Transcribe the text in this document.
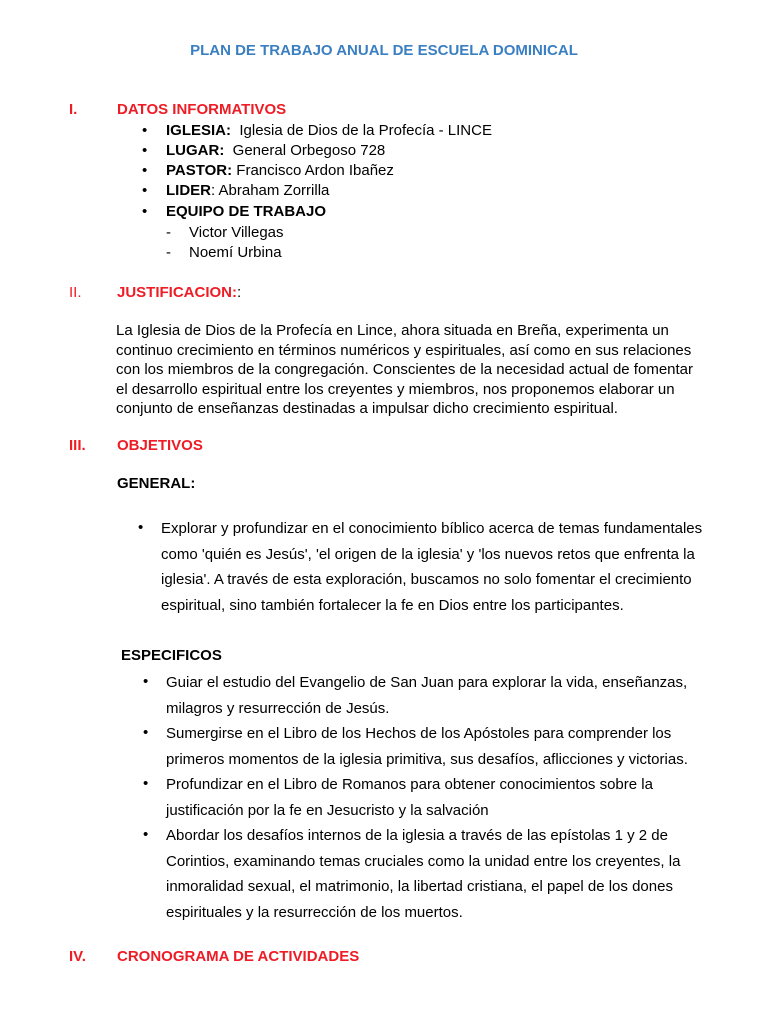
PLAN DE TRABAJO ANUAL DE ESCUELA DOMINICAL
I.	DATOS INFORMATIVOS
• IGLESIA:  Iglesia de Dios de la Profecía - LINCE
• LUGAR:  General Orbegoso 728
• PASTOR: Francisco Ardon Ibañez
• LIDER: Abraham Zorrilla
• EQUIPO DE TRABAJO
- Victor Villegas
- Noemí Urbina
II. JUSTIFICACION::
La Iglesia de Dios de la Profecía en Lince, ahora situada en Breña, experimenta un
continuo crecimiento en términos numéricos y espirituales, así como en sus relaciones
con los miembros de la congregación. Conscientes de la necesidad actual de fomentar
el desarrollo espiritual entre los creyentes y miembros, nos proponemos elaborar un
conjunto de enseñanzas destinadas a impulsar dicho crecimiento espiritual.
III. OBJETIVOS
GENERAL:
• Explorar y profundizar en el conocimiento bíblico acerca de temas fundamentales
como 'quién es Jesús', 'el origen de la iglesia' y 'los nuevos retos que enfrenta la
iglesia'. A través de esta exploración, buscamos no solo fomentar el crecimiento
espiritual, sino también fortalecer la fe en Dios entre los participantes.
ESPECIFICOS
• Guiar el estudio del Evangelio de San Juan para explorar la vida, enseñanzas,
milagros y resurrección de Jesús.
• Sumergirse en el Libro de los Hechos de los Apóstoles para comprender los
primeros momentos de la iglesia primitiva, sus desafíos, aflicciones y victorias.
• Profundizar en el Libro de Romanos para obtener conocimientos sobre la
justificación por la fe en Jesucristo y la salvación
• Abordar los desafíos internos de la iglesia a través de las epístolas 1 y 2 de
Corintios, examinando temas cruciales como la unidad entre los creyentes, la
inmoralidad sexual, el matrimonio, la libertad cristiana, el papel de los dones
espirituales y la resurrección de los muertos.
IV. CRONOGRAMA DE ACTIVIDADES
